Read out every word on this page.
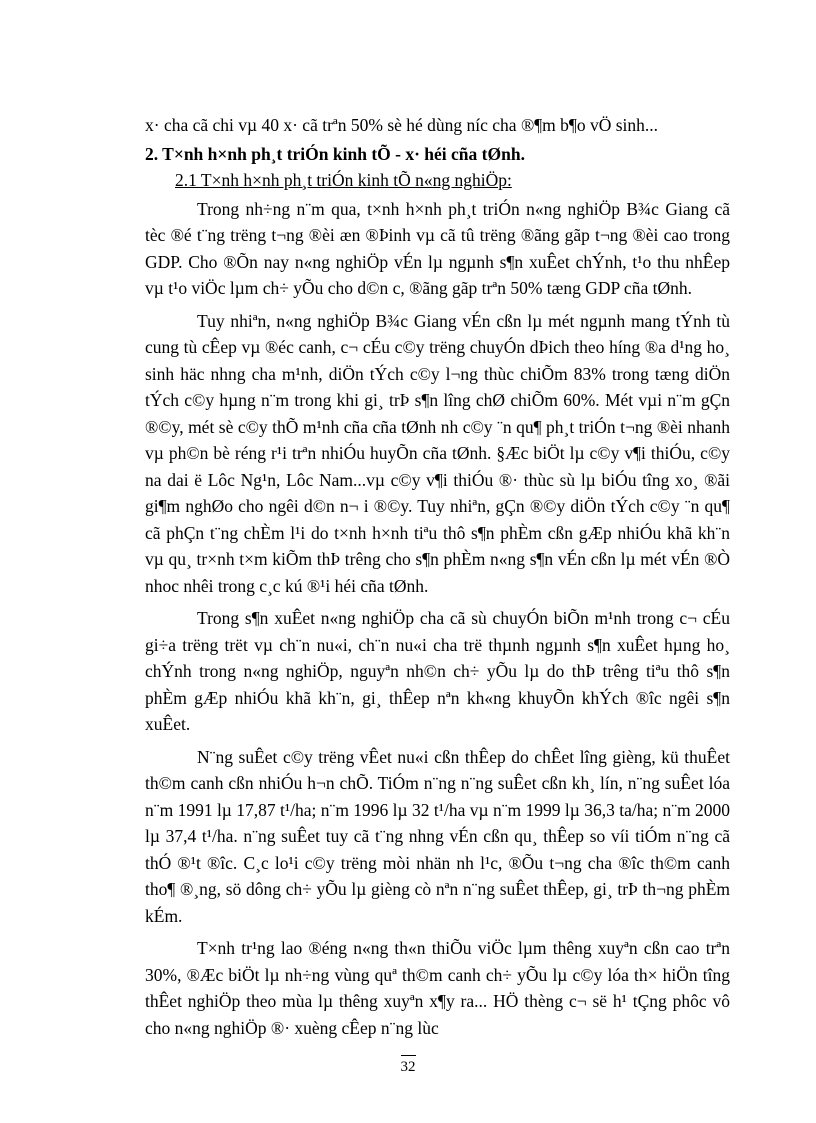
x· cha cã chi vµ 40 x· cã trªn 50% sè hé dùng níc cha ®¶m b¶o vÖ sinh...

2. T×nh h×nh ph¸t triÓn kinh tÕ - x· héi cña tØnh.
2.1 T×nh h×nh ph¸t triÓn kinh tÕ n«ng nghiÖp:

Trong nh÷ng n¨m qua, t×nh h×nh ph¸t triÓn n«ng nghiÖp B¾c Giang cã tèc ®é t¨ng trëng t¬ng ®èi æn ®Þinh vµ cã tû trëng ®ãng gãp t¬ng ®èi cao trong GDP. Cho ®Õn nay n«ng nghiÖp vÉn lµ ngµnh s¶n xuÊet chÝnh, t¹o thu nhÊep vµ t¹o viÖc lµm ch÷ yÕu cho d©n c, ®ãng gãp trªn 50% tæng GDP cña tØnh.

Tuy nhiªn, n«ng nghiÖp B¾c Giang vÉn cßn lµ mét ngµnh mang tÝnh tù cung tù cÊep vµ ®éc canh, c¬ cÉu c©y trëng chuyÓn dÞich theo híng ®a d¹ng ho¸ sinh häc nhng cha m¹nh, diÖn tÝch c©y l¬ng thùc chiÕm 83% trong tæng diÖn tÝch c©y hµng n¨m trong khi gi¸ trÞ s¶n lîng chØ chiÕm 60%. Mét vµi n¨m gÇn ®©y, mét sè c©y thÕ m¹nh cña cña tØnh nh c©y ¨n qu¶ ph¸t triÓn t¬ng ®èi nhanh vµ ph©n bè réng r¹i trªn nhiÓu huyÕn cña tØnh. §Æc biÖt lµ c©y v¶i thiÓu, c©y na dai ë Lôc Ng¹n, Lôc Nam...vµ c©y v¶i thiÓu ®· thùc sù lµ biÓu tîng xo¸ ®ãi gi¶m nghØo cho ngêi d©n n¬ i ®©y. Tuy nhiªn, gÇn ®©y diÖn tÝch c©y ¨n qu¶ cã phÇn t¨ng chÈm l¹i do t×nh h×nh tiªu thô s¶n phÈm cßn gÆp nhiÓu khã kh¨n vµ qu¸ tr×nh t×m kiÕm thÞ trêng cho s¶n phÈm n«ng s¶n vÉn cßn lµ mét vÉn ®Ò nhoc nhêi trong c¸c kú ®¹i héi cña tØnh.

Trong s¶n xuÊet n«ng nghiÖp cha cã sù chuyÓn biÕn m¹nh trong c¬ cÉu gi÷a trëng trët vµ ch¨n nu«i, ch¨n nu«i cha trë thµnh ngµnh s¶n xuÊet hµng ho¸ chÝnh trong n«ng nghiÖp, nguyªn nh©n ch÷ yÕu lµ do thÞ trêng tiªu thô s¶n phÈm gÆp nhiÓu khã kh¨n, gi¸ thÊep nªn kh«ng khuyÕn khÝch ®îc ngêi s¶n xuÊet.

N¨ng suÊet c©y trëng vÊet nu«i cßn thÊep do chÊet lîng gièng, kü thuÊet th©m canh cßn nhiÓu h¬n chÕ. TiÓm n¨ng n¨ng suÊet cßn kh¸ lín, n¨ng suÊet lóa n¨m 1991 lµ 17,87 t¹/ha; n¨m 1996 lµ 32 t¹/ha vµ n¨m 1999 lµ 36,3 ta/ha; n¨m 2000 lµ 37,4 t¹/ha. n¨ng suÊet tuy cã t¨ng nhng vÉn cßn qu¸ thÊep so víi tiÓm n¨ng cã thÓ ®¹t ®îc. C¸c lo¹i c©y trëng mòi nhän nh l¹c, ®Õu t¬ng cha ®îc th©m canh tho¶ ®¸ng, sö dông ch÷ yÕu lµ gièng cò nªn n¨ng suÊet thÊep, gi¸ trÞ th¬ng phÈm kÉm.

T×nh tr¹ng lao ®éng n«ng th«n thiÕu viÖc lµm thêng xuyªn cßn cao trªn 30%, ®Æc biÖt lµ nh÷ng vùng quª th©m canh ch÷ yÕu lµ c©y lóa th× hiÖn tîng thÊet nghiÖp theo mùa lµ thêng xuyªn x¶y ra... HÖ thèng c¬ së h¹ tÇng phôc vô cho n«ng nghiÖp ®· xuèng cÊep n¨ng lùc

32
